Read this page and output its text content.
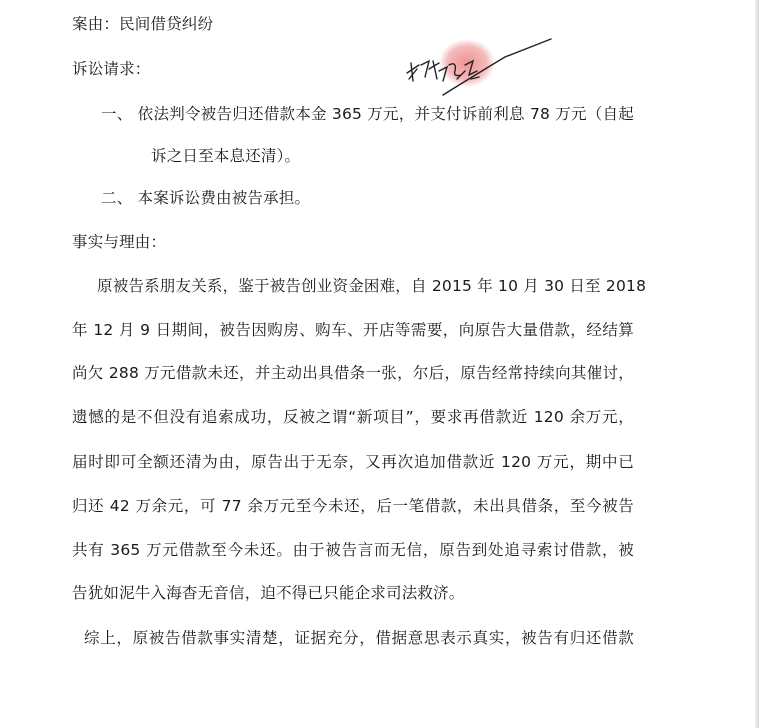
案由：民间借贷纠纷
诉讼请求：
一、 依法判令被告归还借款本金 365 万元，并支付诉前利息 78 万元（自起
诉之日至本息还清）。
二、 本案诉讼费由被告承担。
事实与理由：
原被告系朋友关系，鉴于被告创业资金困难，自 2015 年 10 月 30 日至 2018
年 12 月 9 日期间，被告因购房、购车、开店等需要，向原告大量借款，经结算
尚欠 288 万元借款未还，并主动出具借条一张，尔后，原告经常持续向其催讨，
遗憾的是不但没有追索成功，反被之谓“新项目”，要求再借款近 120 余万元，
届时即可全额还清为由，原告出于无奈，又再次追加借款近 120 万元，期中已
归还 42 万余元，可 77 余万元至今未还，后一笔借款，未出具借条，至今被告
共有 365 万元借款至今未还。由于被告言而无信，原告到处追寻索讨借款，被
告犹如泥牛入海杳无音信，迫不得已只能企求司法救济。
综上，原被告借款事实清楚，证据充分，借据意思表示真实，被告有归还借款
